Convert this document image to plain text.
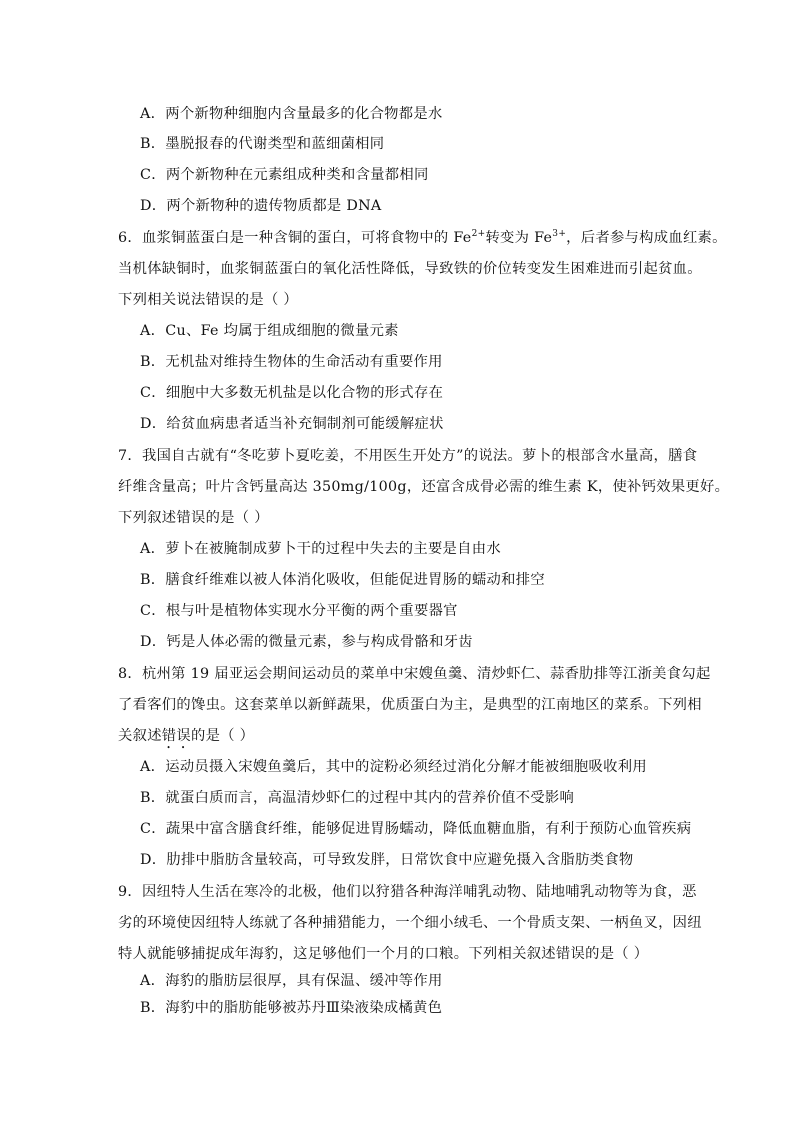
A．两个新物种细胞内含量最多的化合物都是水
B．墨脱报春的代谢类型和蓝细菌相同
C．两个新物种在元素组成种类和含量都相同
D．两个新物种的遗传物质都是 DNA
6．血浆铜蓝蛋白是一种含铜的蛋白，可将食物中的 $Fe^{2+}$转变为 $Fe^{3+}$，后者参与构成血红素。
当机体缺铜时，血浆铜蓝蛋白的氧化活性降低，导致铁的价位转变发生困难进而引起贫血。
下列相关说法错误的是（ ）
A．Cu、Fe 均属于组成细胞的微量元素
B．无机盐对维持生物体的生命活动有重要作用
C．细胞中大多数无机盐是以化合物的形式存在
D．给贫血病患者适当补充铜制剂可能缓解症状
7．我国自古就有“冬吃萝卜夏吃姜，不用医生开处方”的说法。萝卜的根部含水量高，膳食
纤维含量高；叶片含钙量高达 350mg/100g，还富含成骨必需的维生素 K，使补钙效果更好。
下列叙述错误的是（ ）
A．萝卜在被腌制成萝卜干的过程中失去的主要是自由水
B．膳食纤维难以被人体消化吸收，但能促进胃肠的蠕动和排空
C．根与叶是植物体实现水分平衡的两个重要器官
D．钙是人体必需的微量元素，参与构成骨骼和牙齿
8．杭州第 19 届亚运会期间运动员的菜单中宋嫂鱼羹、清炒虾仁、蒜香肋排等江浙美食勾起
了看客们的馋虫。这套菜单以新鲜蔬果，优质蛋白为主，是典型的江南地区的菜系。下列相
关叙述错误的是（ ）
A．运动员摄入宋嫂鱼羹后，其中的淀粉必须经过消化分解才能被细胞吸收利用
B．就蛋白质而言，高温清炒虾仁的过程中其内的营养价值不受影响
C．蔬果中富含膳食纤维，能够促进胃肠蠕动，降低血糖血脂，有利于预防心血管疾病
D．肋排中脂肪含量较高，可导致发胖，日常饮食中应避免摄入含脂肪类食物
9．因纽特人生活在寒冷的北极，他们以狩猎各种海洋哺乳动物、陆地哺乳动物等为食，恶
劣的环境使因纽特人练就了各种捕猎能力，一个细小绒毛、一个骨质支架、一柄鱼叉，因纽
特人就能够捕捉成年海豹，这足够他们一个月的口粮。下列相关叙述错误的是（ ）
A．海豹的脂肪层很厚，具有保温、缓冲等作用
B．海豹中的脂肪能够被苏丹Ⅲ染液染成橘黄色
